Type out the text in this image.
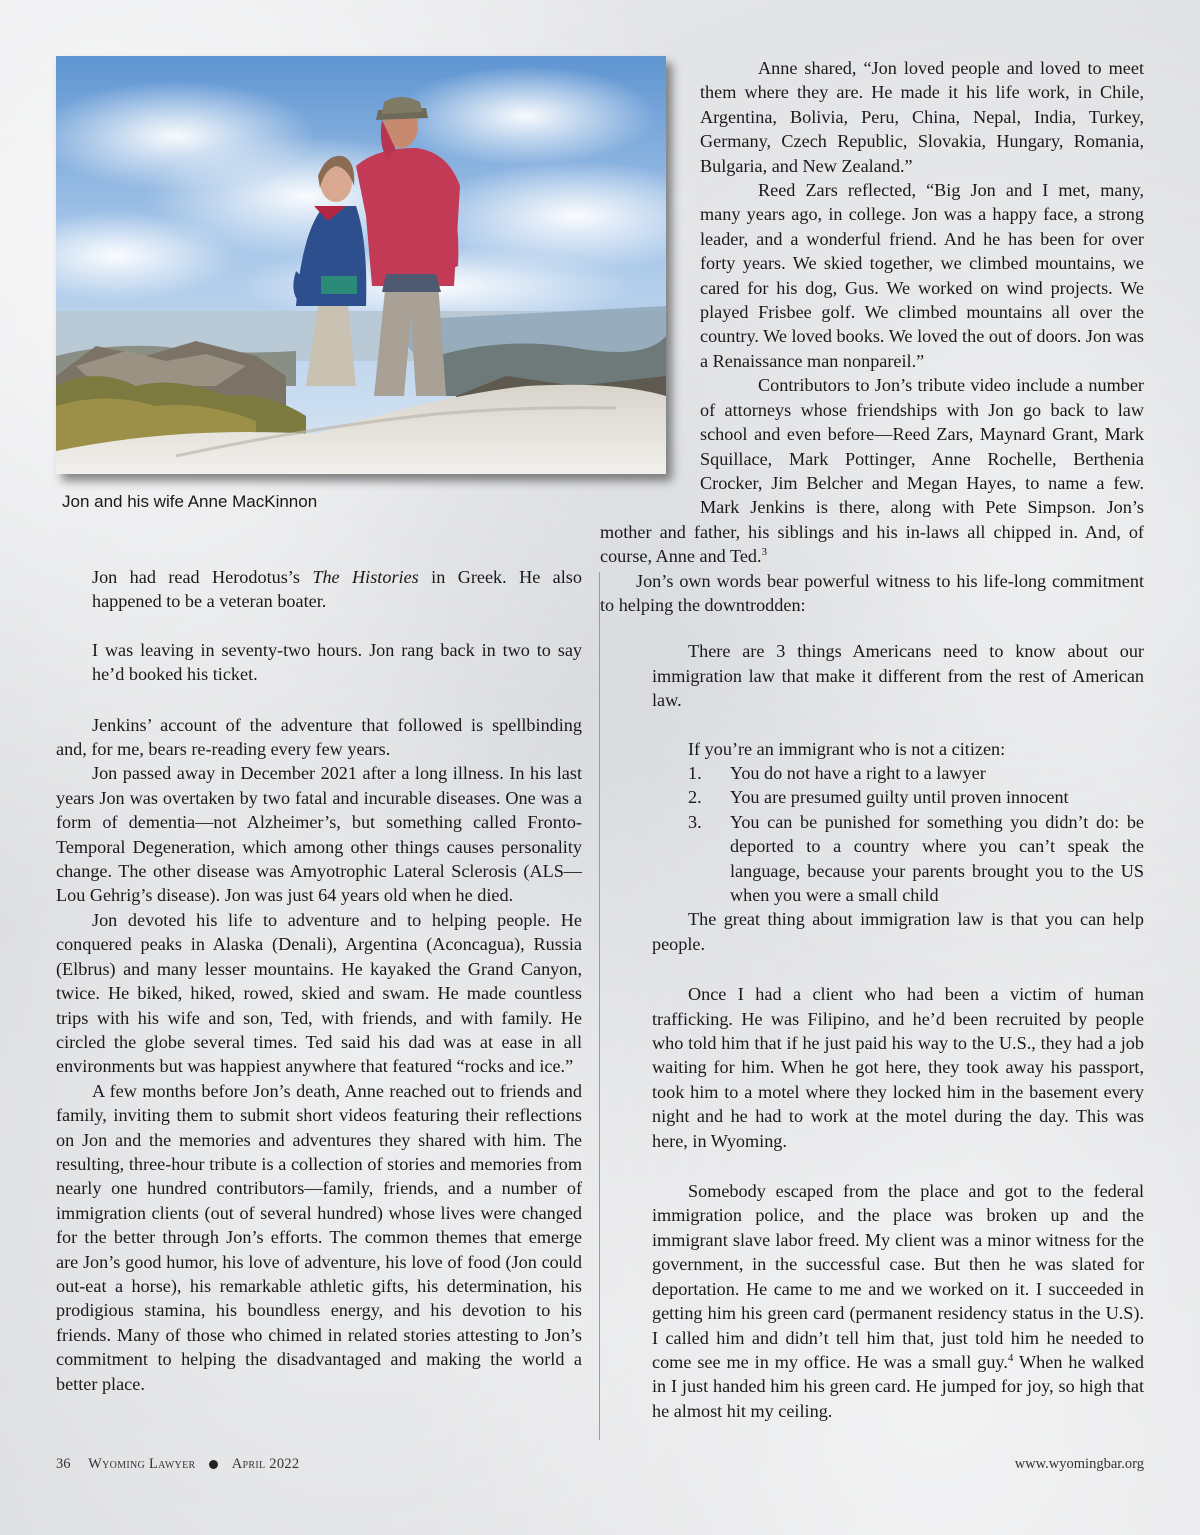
Jon and his wife Anne MacKinnon

Jon had read Herodotus’s The Histories in Greek. He also happened to be a veteran boater.

I was leaving in seventy-two hours. Jon rang back in two to say he’d booked his ticket.

Jenkins’ account of the adventure that followed is spellbinding and, for me, bears re-reading every few years.

Jon passed away in December 2021 after a long illness. In his last years Jon was overtaken by two fatal and incurable diseases. One was a form of dementia—not Alzheimer’s, but something called Fronto-Temporal Degeneration, which among other things causes personality change. The other disease was Amyotrophic Lateral Sclerosis (ALS—Lou Gehrig’s disease). Jon was just 64 years old when he died.

Jon devoted his life to adventure and to helping people. He conquered peaks in Alaska (Denali), Argentina (Aconcagua), Russia (Elbrus) and many lesser mountains. He kayaked the Grand Canyon, twice. He biked, hiked, rowed, skied and swam. He made countless trips with his wife and son, Ted, with friends, and with family. He circled the globe several times. Ted said his dad was at ease in all environments but was happiest anywhere that featured “rocks and ice.”

A few months before Jon’s death, Anne reached out to friends and family, inviting them to submit short videos featuring their reflections on Jon and the memories and adventures they shared with him. The resulting, three-hour tribute is a collection of stories and memories from nearly one hundred contributors—family, friends, and a number of immigration clients (out of several hundred) whose lives were changed for the better through Jon’s efforts. The common themes that emerge are Jon’s good humor, his love of adventure, his love of food (Jon could out-eat a horse), his remarkable athletic gifts, his determination, his prodigious stamina, his boundless energy, and his devotion to his friends. Many of those who chimed in related stories attesting to Jon’s commitment to helping the disadvantaged and making the world a better place.

Anne shared, “Jon loved people and loved to meet them where they are. He made it his life work, in Chile, Argentina, Bolivia, Peru, China, Nepal, India, Turkey, Germany, Czech Republic, Slovakia, Hungary, Romania, Bulgaria, and New Zealand.”

Reed Zars reflected, “Big Jon and I met, many, many years ago, in college. Jon was a happy face, a strong leader, and a wonderful friend. And he has been for over forty years. We skied together, we climbed mountains, we cared for his dog, Gus. We worked on wind projects. We played Frisbee golf. We climbed mountains all over the country. We loved books. We loved the out of doors. Jon was a Renaissance man nonpareil.”

Contributors to Jon’s tribute video include a number of attorneys whose friendships with Jon go back to law school and even before—Reed Zars, Maynard Grant, Mark Squillace, Mark Pottinger, Anne Rochelle, Berthenia Crocker, Jim Belcher and Megan Hayes, to name a few. Mark Jenkins is there, along with Pete Simpson. Jon’s mother and father, his siblings and his in-laws all chipped in. And, of course, Anne and Ted.$^3$

Jon’s own words bear powerful witness to his life-long commitment to helping the downtrodden:

There are 3 things Americans need to know about our immigration law that make it different from the rest of American law.

If you’re an immigrant who is not a citizen:

1. You do not have a right to a lawyer
2. You are presumed guilty until proven innocent
3. You can be punished for something you didn’t do: be deported to a country where you can’t speak the language, because your parents brought you to the US when you were a small child

The great thing about immigration law is that you can help people.

Once I had a client who had been a victim of human trafficking. He was Filipino, and he’d been recruited by people who told him that if he just paid his way to the U.S., they had a job waiting for him. When he got here, they took away his passport, took him to a motel where they locked him in the basement every night and he had to work at the motel during the day. This was here, in Wyoming.

Somebody escaped from the place and got to the federal immigration police, and the place was broken up and the immigrant slave labor freed. My client was a minor witness for the government, in the successful case. But then he was slated for deportation. He came to me and we worked on it. I succeeded in getting him his green card (permanent residency status in the U.S). I called him and didn’t tell him that, just told him he needed to come see me in my office. He was a small guy.$^4$ When he walked in I just handed him his green card. He jumped for joy, so high that he almost hit my ceiling.

36 Wyoming Lawyer	April 2022	www.wyomingbar.org
